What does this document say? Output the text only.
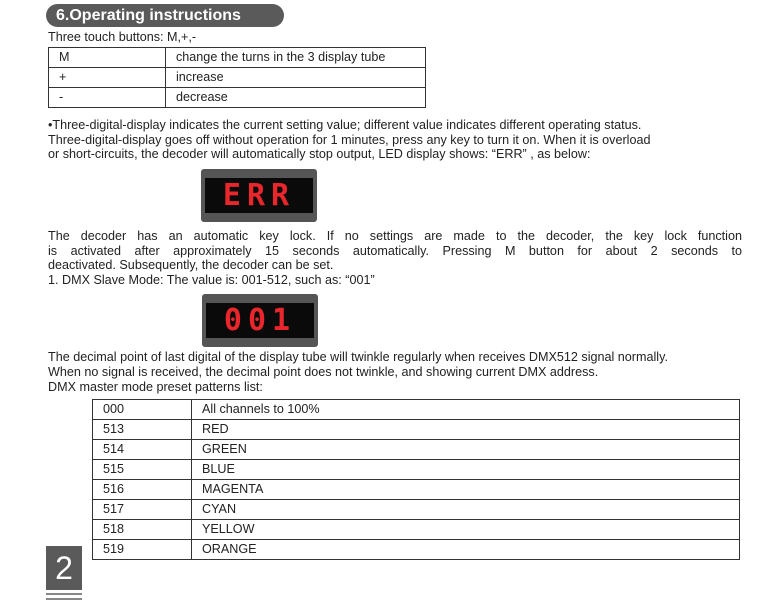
6.Operating instructions

Three touch buttons: M,+,-

M	change the turns in the 3 display tube
+	increase
-	decrease

•Three-digital-display indicates the current setting value; different value indicates different operating status.

Three-digital-display goes off without operation for 1 minutes, press any key to turn it on. When it is overload

or short-circuits, the decoder will automatically stop output, LED display shows: “ERR” , as below:

ERR

The decoder has an automatic key lock. If no settings are made to the decoder, the key lock function

is activated after approximately 15 seconds automatically. Pressing M button for about 2 seconds to

deactivated. Subsequently, the decoder can be set.

1. DMX Slave Mode: The value is: 001-512, such as: “001”

001

The decimal point of last digital of the display tube will twinkle regularly when receives DMX512 signal normally.

When no signal is received, the decimal point does not twinkle, and showing current DMX address.

DMX master mode preset patterns list:

000	All channels to 100%
513	RED
514	GREEN
515	BLUE
516	MAGENTA
517	CYAN
518	YELLOW
519	ORANGE
2
